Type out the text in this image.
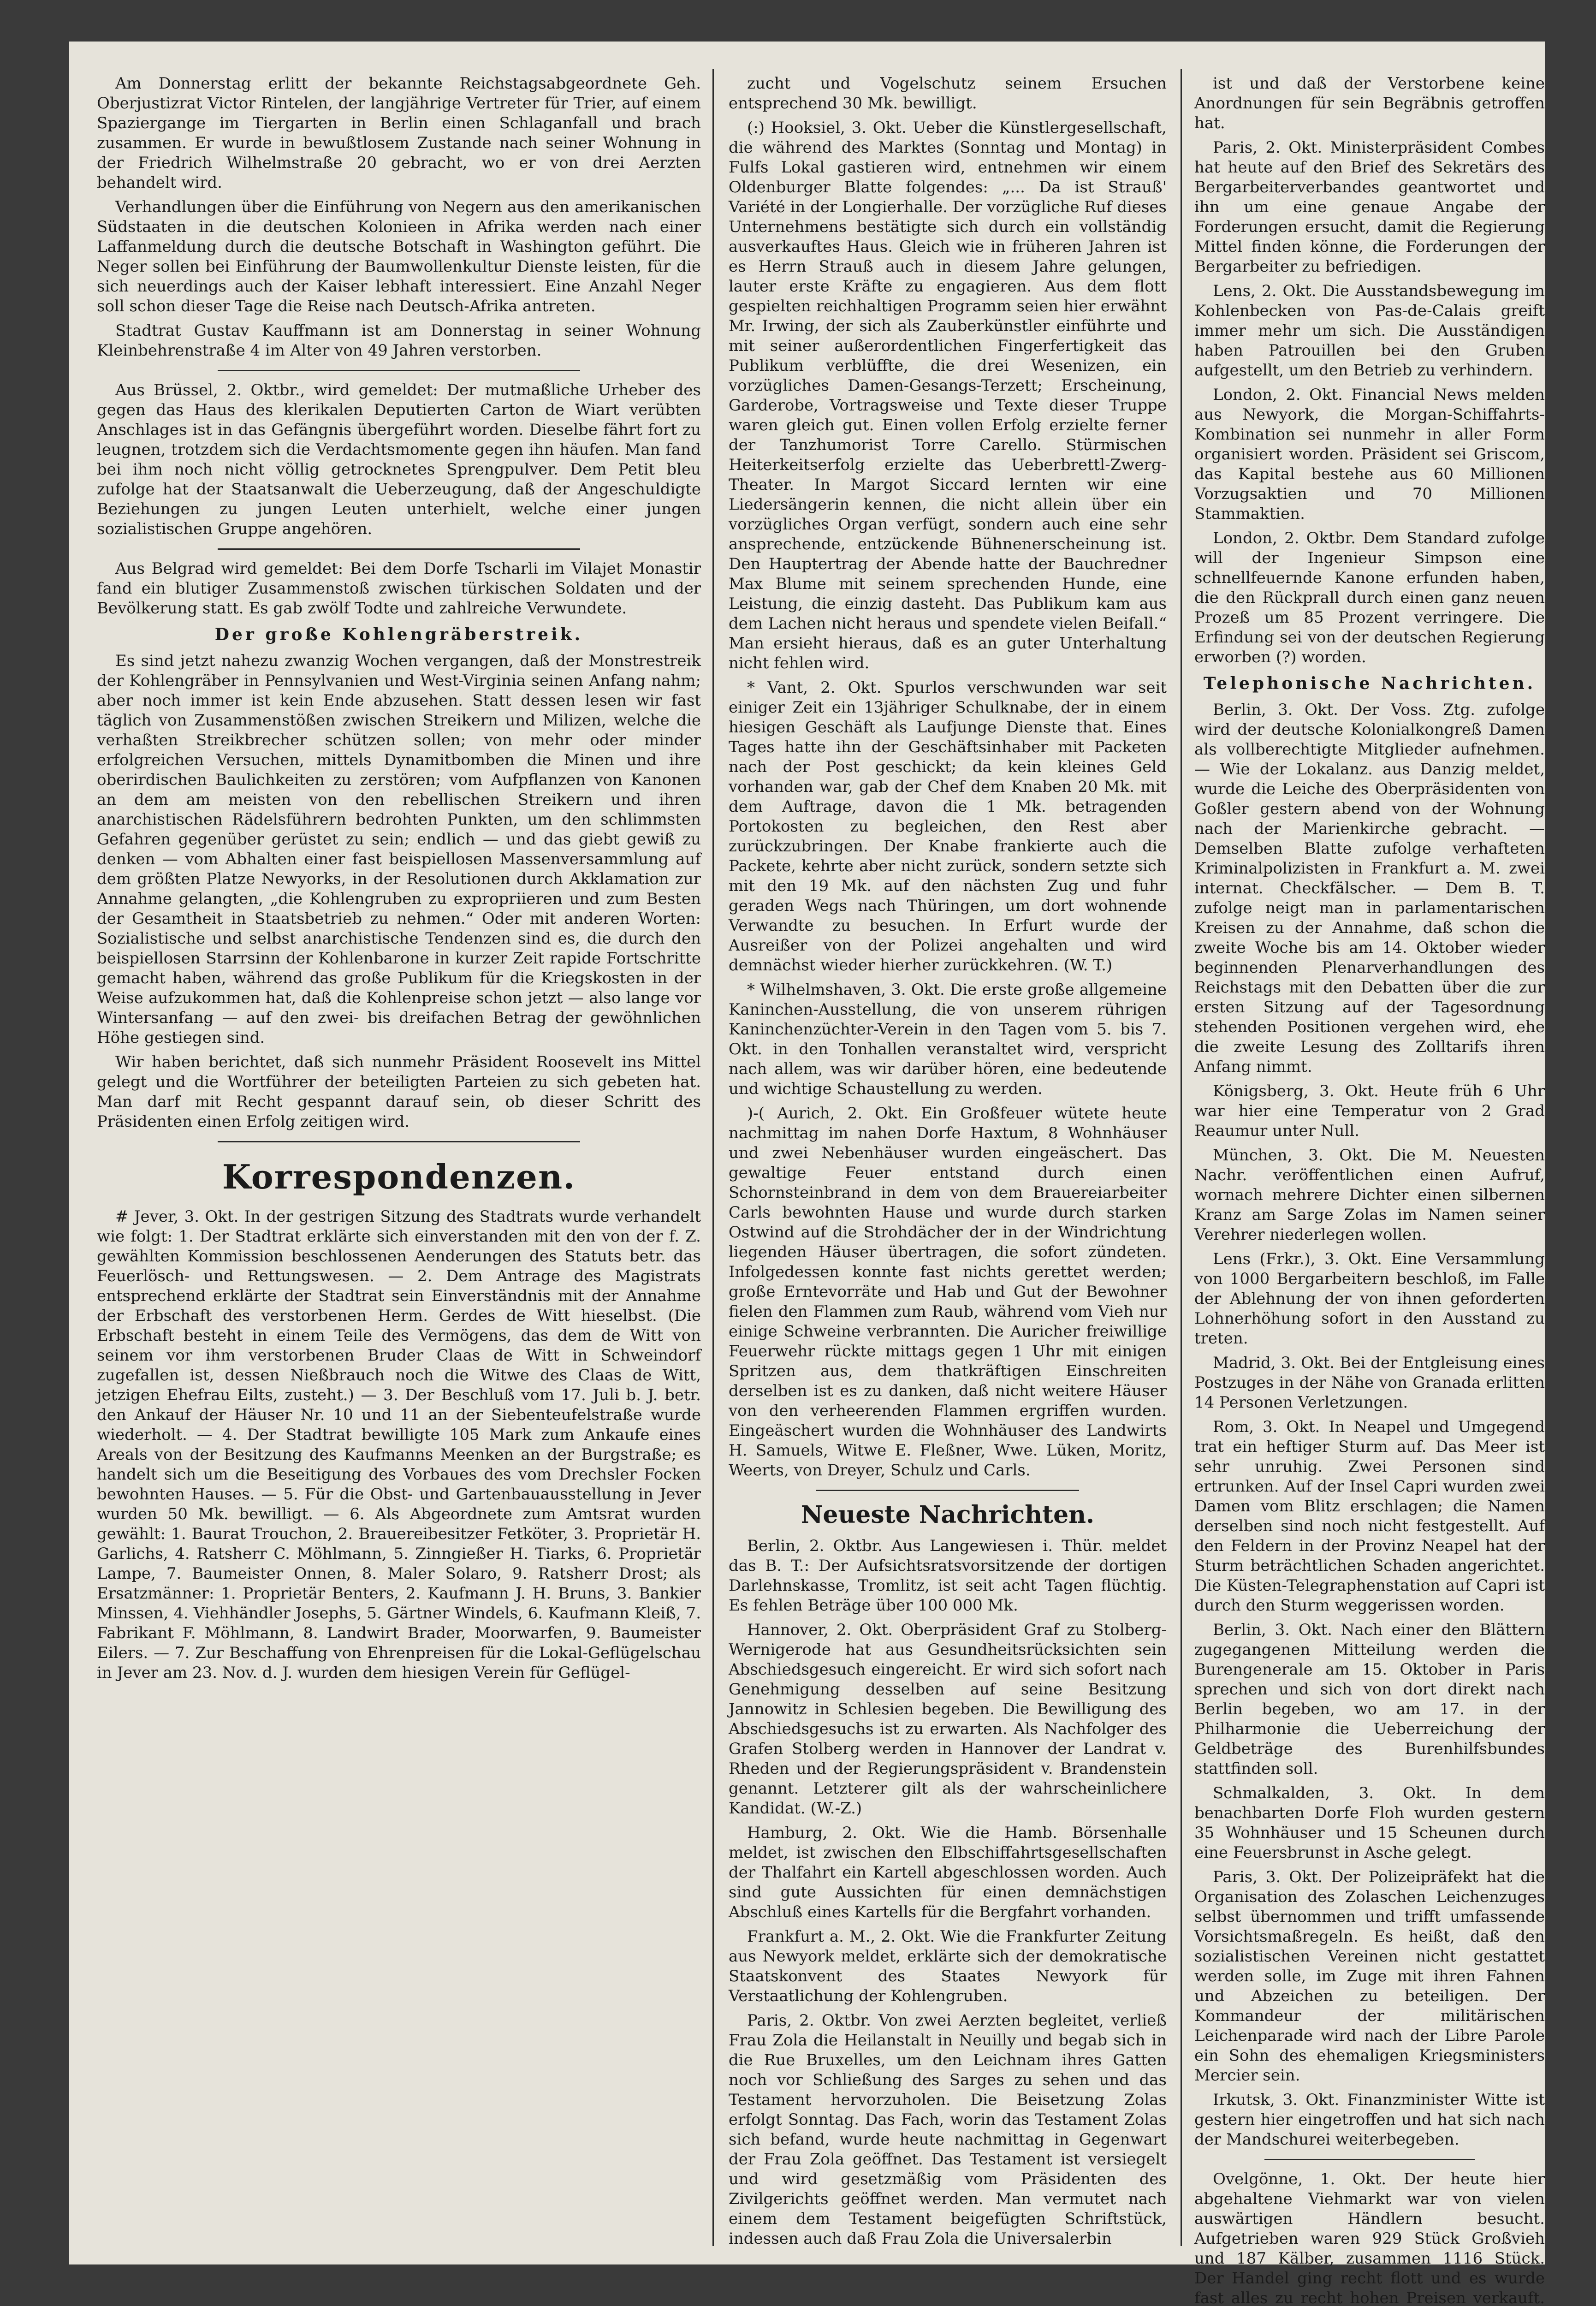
Am Donnerstag erlitt der bekannte Reichstagsabgeordnete Geh. Oberjustizrat Victor Rintelen, der langjährige Vertreter für Trier, auf einem Spaziergange im Tiergarten in Berlin einen Schlaganfall und brach zusammen. Er wurde in bewußtlosem Zustande nach seiner Wohnung in der Friedrich Wilhelmstraße 20 gebracht, wo er von drei Aerzten behandelt wird.

Verhandlungen über die Einführung von Negern aus den amerikanischen Südstaaten in die deutschen Kolonieen in Afrika werden nach einer Laffanmeldung durch die deutsche Botschaft in Washington geführt. Die Neger sollen bei Einführung der Baumwollenkultur Dienste leisten, für die sich neuerdings auch der Kaiser lebhaft interessiert. Eine Anzahl Neger soll schon dieser Tage die Reise nach Deutsch-Afrika antreten.

Stadtrat Gustav Kauffmann ist am Donnerstag in seiner Wohnung Kleinbehrenstraße 4 im Alter von 49 Jahren verstorben.

Aus Brüssel, 2. Oktbr., wird gemeldet: Der mutmaßliche Urheber des gegen das Haus des klerikalen Deputierten Carton de Wiart verübten Anschlages ist in das Gefängnis übergeführt worden. Dieselbe fährt fort zu leugnen, trotzdem sich die Verdachtsmomente gegen ihn häufen. Man fand bei ihm noch nicht völlig getrocknetes Sprengpulver. Dem Petit bleu zufolge hat der Staatsanwalt die Ueberzeugung, daß der Angeschuldigte Beziehungen zu jungen Leuten unterhielt, welche einer jungen sozialistischen Gruppe angehören.

Aus Belgrad wird gemeldet: Bei dem Dorfe Tscharli im Vilajet Monastir fand ein blutiger Zusammenstoß zwischen türkischen Soldaten und der Bevölkerung statt. Es gab zwölf Todte und zahlreiche Verwundete.

Der große Kohlengräberstreik.

Es sind jetzt nahezu zwanzig Wochen vergangen, daß der Monstrestreik der Kohlengräber in Pennsylvanien und West-Virginia seinen Anfang nahm; aber noch immer ist kein Ende abzusehen. Statt dessen lesen wir fast täglich von Zusammenstößen zwischen Streikern und Milizen, welche die verhaßten Streikbrecher schützen sollen; von mehr oder minder erfolgreichen Versuchen, mittels Dynamitbomben die Minen und ihre oberirdischen Baulichkeiten zu zerstören; vom Aufpflanzen von Kanonen an dem am meisten von den rebellischen Streikern und ihren anarchistischen Rädelsführern bedrohten Punkten, um den schlimmsten Gefahren gegenüber gerüstet zu sein; endlich — und das giebt gewiß zu denken — vom Abhalten einer fast beispiellosen Massenversammlung auf dem größten Platze Newyorks, in der Resolutionen durch Akklamation zur Annahme gelangten, „die Kohlengruben zu expropriieren und zum Besten der Gesamtheit in Staatsbetrieb zu nehmen.“ Oder mit anderen Worten: Sozialistische und selbst anarchistische Tendenzen sind es, die durch den beispiellosen Starrsinn der Kohlenbarone in kurzer Zeit rapide Fortschritte gemacht haben, während das große Publikum für die Kriegskosten in der Weise aufzukommen hat, daß die Kohlenpreise schon jetzt — also lange vor Wintersanfang — auf den zwei- bis dreifachen Betrag der gewöhnlichen Höhe gestiegen sind.

Wir haben berichtet, daß sich nunmehr Präsident Roosevelt ins Mittel gelegt und die Wortführer der beteiligten Parteien zu sich gebeten hat. Man darf mit Recht gespannt darauf sein, ob dieser Schritt des Präsidenten einen Erfolg zeitigen wird.

Korrespondenzen.

# Jever, 3. Okt. In der gestrigen Sitzung des Stadtrats wurde verhandelt wie folgt: 1. Der Stadtrat erklärte sich einverstanden mit den von der f. Z. gewählten Kommission beschlossenen Aenderungen des Statuts betr. das Feuerlösch- und Rettungswesen. — 2. Dem Antrage des Magistrats entsprechend erklärte der Stadtrat sein Einverständnis mit der Annahme der Erbschaft des verstorbenen Herm. Gerdes de Witt hieselbst. (Die Erbschaft besteht in einem Teile des Vermögens, das dem de Witt von seinem vor ihm verstorbenen Bruder Claas de Witt in Schweindorf zugefallen ist, dessen Nießbrauch noch die Witwe des Claas de Witt, jetzigen Ehefrau Eilts, zusteht.) — 3. Der Beschluß vom 17. Juli b. J. betr. den Ankauf der Häuser Nr. 10 und 11 an der Siebenteufelstraße wurde wiederholt. — 4. Der Stadtrat bewilligte 105 Mark zum Ankaufe eines Areals von der Besitzung des Kaufmanns Meenken an der Burgstraße; es handelt sich um die Beseitigung des Vorbaues des vom Drechsler Focken bewohnten Hauses. — 5. Für die Obst- und Gartenbauausstellung in Jever wurden 50 Mk. bewilligt. — 6. Als Abgeordnete zum Amtsrat wurden gewählt: 1. Baurat Trouchon, 2. Brauereibesitzer Fetköter, 3. Proprietär H. Garlichs, 4. Ratsherr C. Möhlmann, 5. Zinngießer H. Tiarks, 6. Proprietär Lampe, 7. Baumeister Onnen, 8. Maler Solaro, 9. Ratsherr Drost; als Ersatzmänner: 1. Proprietär Benters, 2. Kaufmann J. H. Bruns, 3. Bankier Minssen, 4. Viehhändler Josephs, 5. Gärtner Windels, 6. Kaufmann Kleiß, 7. Fabrikant F. Möhlmann, 8. Landwirt Brader, Moorwarfen, 9. Baumeister Eilers. — 7. Zur Beschaffung von Ehrenpreisen für die Lokal-Geflügelschau in Jever am 23. Nov. d. J. wurden dem hiesigen Verein für Geflügel-

zucht und Vogelschutz seinem Ersuchen entsprechend 30 Mk. bewilligt.

(:) Hooksiel, 3. Okt. Ueber die Künstlergesellschaft, die während des Marktes (Sonntag und Montag) in Fulfs Lokal gastieren wird, entnehmen wir einem Oldenburger Blatte folgendes: „... Da ist Strauß' Variété in der Longierhalle. Der vorzügliche Ruf dieses Unternehmens bestätigte sich durch ein vollständig ausverkauftes Haus. Gleich wie in früheren Jahren ist es Herrn Strauß auch in diesem Jahre gelungen, lauter erste Kräfte zu engagieren. Aus dem flott gespielten reichhaltigen Programm seien hier erwähnt Mr. Irwing, der sich als Zauberkünstler einführte und mit seiner außerordentlichen Fingerfertigkeit das Publikum verblüffte, die drei Wesenizen, ein vorzügliches Damen-Gesangs-Terzett; Erscheinung, Garderobe, Vortragsweise und Texte dieser Truppe waren gleich gut. Einen vollen Erfolg erzielte ferner der Tanzhumorist Torre Carello. Stürmischen Heiterkeitserfolg erzielte das Ueberbrettl-Zwerg-Theater. In Margot Siccard lernten wir eine Liedersängerin kennen, die nicht allein über ein vorzügliches Organ verfügt, sondern auch eine sehr ansprechende, entzückende Bühnenerscheinung ist. Den Hauptertrag der Abende hatte der Bauchredner Max Blume mit seinem sprechenden Hunde, eine Leistung, die einzig dasteht. Das Publikum kam aus dem Lachen nicht heraus und spendete vielen Beifall.“ Man ersieht hieraus, daß es an guter Unterhaltung nicht fehlen wird.

* Vant, 2. Okt. Spurlos verschwunden war seit einiger Zeit ein 13jähriger Schulknabe, der in einem hiesigen Geschäft als Laufjunge Dienste that. Eines Tages hatte ihn der Geschäftsinhaber mit Packeten nach der Post geschickt; da kein kleines Geld vorhanden war, gab der Chef dem Knaben 20 Mk. mit dem Auftrage, davon die 1 Mk. betragenden Portokosten zu begleichen, den Rest aber zurückzubringen. Der Knabe frankierte auch die Packete, kehrte aber nicht zurück, sondern setzte sich mit den 19 Mk. auf den nächsten Zug und fuhr geraden Wegs nach Thüringen, um dort wohnende Verwandte zu besuchen. In Erfurt wurde der Ausreißer von der Polizei angehalten und wird demnächst wieder hierher zurückkehren. (W. T.)

* Wilhelmshaven, 3. Okt. Die erste große allgemeine Kaninchen-Ausstellung, die von unserem rührigen Kaninchenzüchter-Verein in den Tagen vom 5. bis 7. Okt. in den Tonhallen veranstaltet wird, verspricht nach allem, was wir darüber hören, eine bedeutende und wichtige Schaustellung zu werden.

)-( Aurich, 2. Okt. Ein Großfeuer wütete heute nachmittag im nahen Dorfe Haxtum, 8 Wohnhäuser und zwei Nebenhäuser wurden eingeäschert. Das gewaltige Feuer entstand durch einen Schornsteinbrand in dem von dem Brauereiarbeiter Carls bewohnten Hause und wurde durch starken Ostwind auf die Strohdächer der in der Windrichtung liegenden Häuser übertragen, die sofort zündeten. Infolgedessen konnte fast nichts gerettet werden; große Erntevorräte und Hab und Gut der Bewohner fielen den Flammen zum Raub, während vom Vieh nur einige Schweine verbrannten. Die Auricher freiwillige Feuerwehr rückte mittags gegen 1 Uhr mit einigen Spritzen aus, dem thatkräftigen Einschreiten derselben ist es zu danken, daß nicht weitere Häuser von den verheerenden Flammen ergriffen wurden. Eingeäschert wurden die Wohnhäuser des Landwirts H. Samuels, Witwe E. Fleßner, Wwe. Lüken, Moritz, Weerts, von Dreyer, Schulz und Carls.

Neueste Nachrichten.

Berlin, 2. Oktbr. Aus Langewiesen i. Thür. meldet das B. T.: Der Aufsichtsratsvorsitzende der dortigen Darlehnskasse, Tromlitz, ist seit acht Tagen flüchtig. Es fehlen Beträge über 100 000 Mk.

Hannover, 2. Okt. Oberpräsident Graf zu Stolberg-Wernigerode hat aus Gesundheitsrücksichten sein Abschiedsgesuch eingereicht. Er wird sich sofort nach Genehmigung desselben auf seine Besitzung Jannowitz in Schlesien begeben. Die Bewilligung des Abschiedsgesuchs ist zu erwarten. Als Nachfolger des Grafen Stolberg werden in Hannover der Landrat v. Rheden und der Regierungspräsident v. Brandenstein genannt. Letzterer gilt als der wahrscheinlichere Kandidat. (W.-Z.)

Hamburg, 2. Okt. Wie die Hamb. Börsenhalle meldet, ist zwischen den Elbschiffahrtsgesellschaften der Thalfahrt ein Kartell abgeschlossen worden. Auch sind gute Aussichten für einen demnächstigen Abschluß eines Kartells für die Bergfahrt vorhanden.

Frankfurt a. M., 2. Okt. Wie die Frankfurter Zeitung aus Newyork meldet, erklärte sich der demokratische Staatskonvent des Staates Newyork für Verstaatlichung der Kohlengruben.

Paris, 2. Oktbr. Von zwei Aerzten begleitet, verließ Frau Zola die Heilanstalt in Neuilly und begab sich in die Rue Bruxelles, um den Leichnam ihres Gatten noch vor Schließung des Sarges zu sehen und das Testament hervorzuholen. Die Beisetzung Zolas erfolgt Sonntag. Das Fach, worin das Testament Zolas sich befand, wurde heute nachmittag in Gegenwart der Frau Zola geöffnet. Das Testament ist versiegelt und wird gesetzmäßig vom Präsidenten des Zivilgerichts geöffnet werden. Man vermutet nach einem dem Testament beigefügten Schriftstück, indessen auch daß Frau Zola die Universalerbin

ist und daß der Verstorbene keine Anordnungen für sein Begräbnis getroffen hat.

Paris, 2. Okt. Ministerpräsident Combes hat heute auf den Brief des Sekretärs des Bergarbeiterverbandes geantwortet und ihn um eine genaue Angabe der Forderungen ersucht, damit die Regierung Mittel finden könne, die Forderungen der Bergarbeiter zu befriedigen.

Lens, 2. Okt. Die Ausstandsbewegung im Kohlenbecken von Pas-de-Calais greift immer mehr um sich. Die Ausständigen haben Patrouillen bei den Gruben aufgestellt, um den Betrieb zu verhindern.

London, 2. Okt. Financial News melden aus Newyork, die Morgan-Schiffahrts-Kombination sei nunmehr in aller Form organisiert worden. Präsident sei Griscom, das Kapital bestehe aus 60 Millionen Vorzugsaktien und 70 Millionen Stammaktien.

London, 2. Oktbr. Dem Standard zufolge will der Ingenieur Simpson eine schnellfeuernde Kanone erfunden haben, die den Rückprall durch einen ganz neuen Prozeß um 85 Prozent verringere. Die Erfindung sei von der deutschen Regierung erworben (?) worden.

Telephonische Nachrichten.

Berlin, 3. Okt. Der Voss. Ztg. zufolge wird der deutsche Kolonialkongreß Damen als vollberechtigte Mitglieder aufnehmen. — Wie der Lokalanz. aus Danzig meldet, wurde die Leiche des Oberpräsidenten von Goßler gestern abend von der Wohnung nach der Marienkirche gebracht. — Demselben Blatte zufolge verhafteten Kriminalpolizisten in Frankfurt a. M. zwei internat. Checkfälscher. — Dem B. T. zufolge neigt man in parlamentarischen Kreisen zu der Annahme, daß schon die zweite Woche bis am 14. Oktober wieder beginnenden Plenarverhandlungen des Reichstags mit den Debatten über die zur ersten Sitzung auf der Tagesordnung stehenden Positionen vergehen wird, ehe die zweite Lesung des Zolltarifs ihren Anfang nimmt.

Königsberg, 3. Okt. Heute früh 6 Uhr war hier eine Temperatur von 2 Grad Reaumur unter Null.

München, 3. Okt. Die M. Neuesten Nachr. veröffentlichen einen Aufruf, wornach mehrere Dichter einen silbernen Kranz am Sarge Zolas im Namen seiner Verehrer niederlegen wollen.

Lens (Frkr.), 3. Okt. Eine Versammlung von 1000 Bergarbeitern beschloß, im Falle der Ablehnung der von ihnen geforderten Lohnerhöhung sofort in den Ausstand zu treten.

Madrid, 3. Okt. Bei der Entgleisung eines Postzuges in der Nähe von Granada erlitten 14 Personen Verletzungen.

Rom, 3. Okt. In Neapel und Umgegend trat ein heftiger Sturm auf. Das Meer ist sehr unruhig. Zwei Personen sind ertrunken. Auf der Insel Capri wurden zwei Damen vom Blitz erschlagen; die Namen derselben sind noch nicht festgestellt. Auf den Feldern in der Provinz Neapel hat der Sturm beträchtlichen Schaden angerichtet. Die Küsten-Telegraphenstation auf Capri ist durch den Sturm weggerissen worden.

Berlin, 3. Okt. Nach einer den Blättern zugegangenen Mitteilung werden die Burengenerale am 15. Oktober in Paris sprechen und sich von dort direkt nach Berlin begeben, wo am 17. in der Philharmonie die Ueberreichung der Geldbeträge des Burenhilfsbundes stattfinden soll.

Schmalkalden, 3. Okt. In dem benachbarten Dorfe Floh wurden gestern 35 Wohnhäuser und 15 Scheunen durch eine Feuersbrunst in Asche gelegt.

Paris, 3. Okt. Der Polizeipräfekt hat die Organisation des Zolaschen Leichenzuges selbst übernommen und trifft umfassende Vorsichtsmaßregeln. Es heißt, daß den sozialistischen Vereinen nicht gestattet werden solle, im Zuge mit ihren Fahnen und Abzeichen zu beteiligen. Der Kommandeur der militärischen Leichenparade wird nach der Libre Parole ein Sohn des ehemaligen Kriegsministers Mercier sein.

Irkutsk, 3. Okt. Finanzminister Witte ist gestern hier eingetroffen und hat sich nach der Mandschurei weiterbegeben.

Ovelgönne, 1. Okt. Der heute hier abgehaltene Viehmarkt war von vielen auswärtigen Händlern besucht. Aufgetrieben waren 929 Stück Großvieh und 187 Kälber, zusammen 1116 Stück. Der Handel ging recht flott und es wurde fast alles zu recht hohen Preisen verkauft.
